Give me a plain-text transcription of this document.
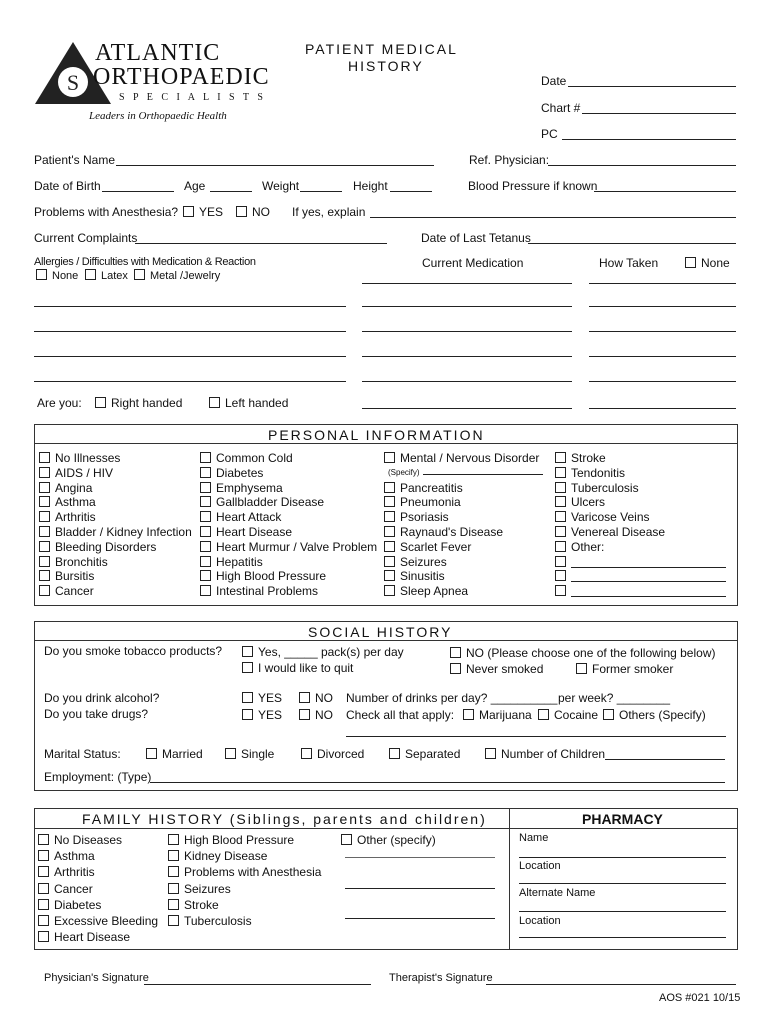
S
ATLANTIC
ORTHOPAEDIC
S P E C I A L I S T S
Leaders in Orthopaedic Health
PATIENT MEDICAL
HISTORY
Date
Chart #
PC
Patient's Name	Ref. Physician:
Date of Birth	Age	Weight	Height	Blood Pressure if known
Problems with Anesthesia?	YES	NO If yes, explain
Current Complaints	Date of Last Tetanus
Allergies / Difficulties with Medication & Reaction
None	Latex	Metal /Jewelry
Current Medication	How Taken	None
Are you:	Right handed	Left handed
PERSONAL INFORMATION
No Illnesses
AIDS / HIV
Angina
Asthma
Arthritis
Bladder / Kidney Infection
Bleeding Disorders
Bronchitis
Bursitis
Cancer
Common Cold
Diabetes
Emphysema
Gallbladder Disease
Heart Attack
Heart Disease
Heart Murmur / Valve Problem
Hepatitis
High Blood Pressure
Intestinal Problems
Mental / Nervous Disorder
(Specify)
Pancreatitis
Pneumonia
Psoriasis
Raynaud's Disease
Scarlet Fever
Seizures
Sinusitis
Sleep Apnea
Stroke
Tendonitis
Tuberculosis
Ulcers
Varicose Veins
Venereal Disease
Other:
SOCIAL HISTORY
Do you smoke tobacco products?	Yes, _____ pack(s) per day
I would like to quit
NO (Please choose one of the following below)
Never smoked	Former smoker
Do you drink alcohol?
Do you take drugs?
YES	NO
YES	NO
Number of drinks per day? __________ per week? ________
Check all that apply:	Marijuana	Cocaine	Others (Specify)
Marital Status:	Married	Single	Divorced	Separated	Number of Children
Employment: (Type)
FAMILY HISTORY (Siblings, parents and children)	PHARMACY
No Diseases
Asthma
Arthritis
Cancer
Diabetes
Excessive Bleeding
Heart Disease
High Blood Pressure
Kidney Disease
Problems with Anesthesia
Seizures
Stroke
Tuberculosis
Other (specify)	Name
Location
Alternate Name
Location
Physician's Signature	Therapist's Signature
AOS #021 10/15
